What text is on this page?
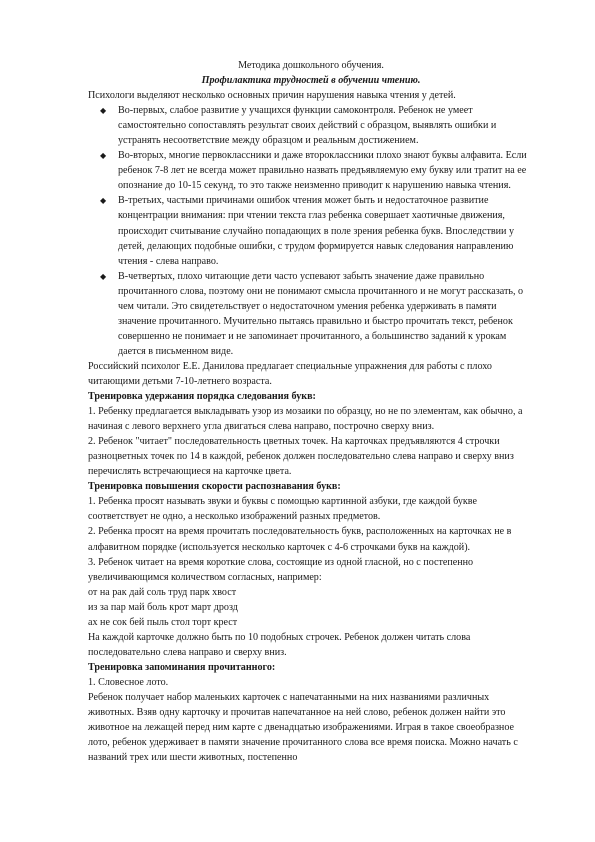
Методика дошкольного обучения.

Профилактика трудностей в обучении чтению.

Психологи выделяют несколько основных причин нарушения навыка чтения у детей.

◆ Во-первых, слабое развитие у учащихся функции самоконтроля. Ребенок не умеет самостоятельно сопоставлять результат своих действий с образцом, выявлять ошибки и устранять несоответствие между образцом и реальным достижением.
◆ Во-вторых, многие первоклассники и даже второклассники плохо знают буквы алфавита. Если ребенок 7-8 лет не всегда может правильно назвать предъявляемую ему букву или тратит на ее опознание до 10-15 секунд, то это также неизменно приводит к нарушению навыка чтения.
◆ В-третьих, частыми причинами ошибок чтения может быть и недостаточное развитие концентрации внимания: при чтении текста глаз ребенка совершает хаотичные движения, происходит считывание случайно попадающих в поле зрения ребенка букв. Впоследствии у детей, делающих подобные ошибки, с трудом формируется навык следования направлению чтения - слева направо.
◆ В-четвертых, плохо читающие дети часто успевают забыть значение даже правильно прочитанного слова, поэтому они не понимают смысла прочитанного и не могут рассказать, о чем читали. Это свидетельствует о недостаточном умения ребенка удерживать в памяти значение прочитанного. Мучительно пытаясь правильно и быстро прочитать текст, ребенок совершенно не понимает и не запоминает прочитанного, а большинство заданий к урокам дается в письменном виде.

Российский психолог Е.Е. Данилова предлагает специальные упражнения для работы с плохо читающими детьми 7-10-летнего возраста.

Тренировка удержания порядка следования букв:

1. Ребенку предлагается выкладывать узор из мозаики по образцу, но не по элементам, как обычно, а начиная с левого верхнего угла двигаться слева направо, построчно сверху вниз.

2. Ребенок "читает" последовательность цветных точек. На карточках предъявляются 4 строчки разноцветных точек по 14 в каждой, ребенок должен последовательно слева направо и сверху вниз перечислять встречающиеся на карточке цвета.

Тренировка повышения скорости распознавания букв:

1. Ребенка просят называть звуки и буквы с помощью картинной азбуки, где каждой букве соответствует не одно, а несколько изображений разных предметов.

2. Ребенка просят на время прочитать последовательность букв, расположенных на карточках не в алфавитном порядке (используется несколько карточек с 4-6 строчками букв на каждой).

3. Ребенок читает на время короткие слова, состоящие из одной гласной, но с постепенно увеличивающимся количеством согласных, например:

от на рак дай соль труд парк хвост

из за пар май боль крот март дрозд

ах не сок бей пыль стол торт крест

На каждой карточке должно быть по 10 подобных строчек. Ребенок должен читать слова последовательно слева направо и сверху вниз.

Тренировка запоминания прочитанного:

1. Словесное лото.

Ребенок получает набор маленьких карточек с напечатанными на них названиями различных животных. Взяв одну карточку и прочитав напечатанное на ней слово, ребенок должен найти это животное на лежащей перед ним карте с двенадцатью изображениями. Играя в такое своеобразное лото, ребенок удерживает в памяти значение прочитанного слова все время поиска. Можно начать с названий трех или шести животных, постепенно
